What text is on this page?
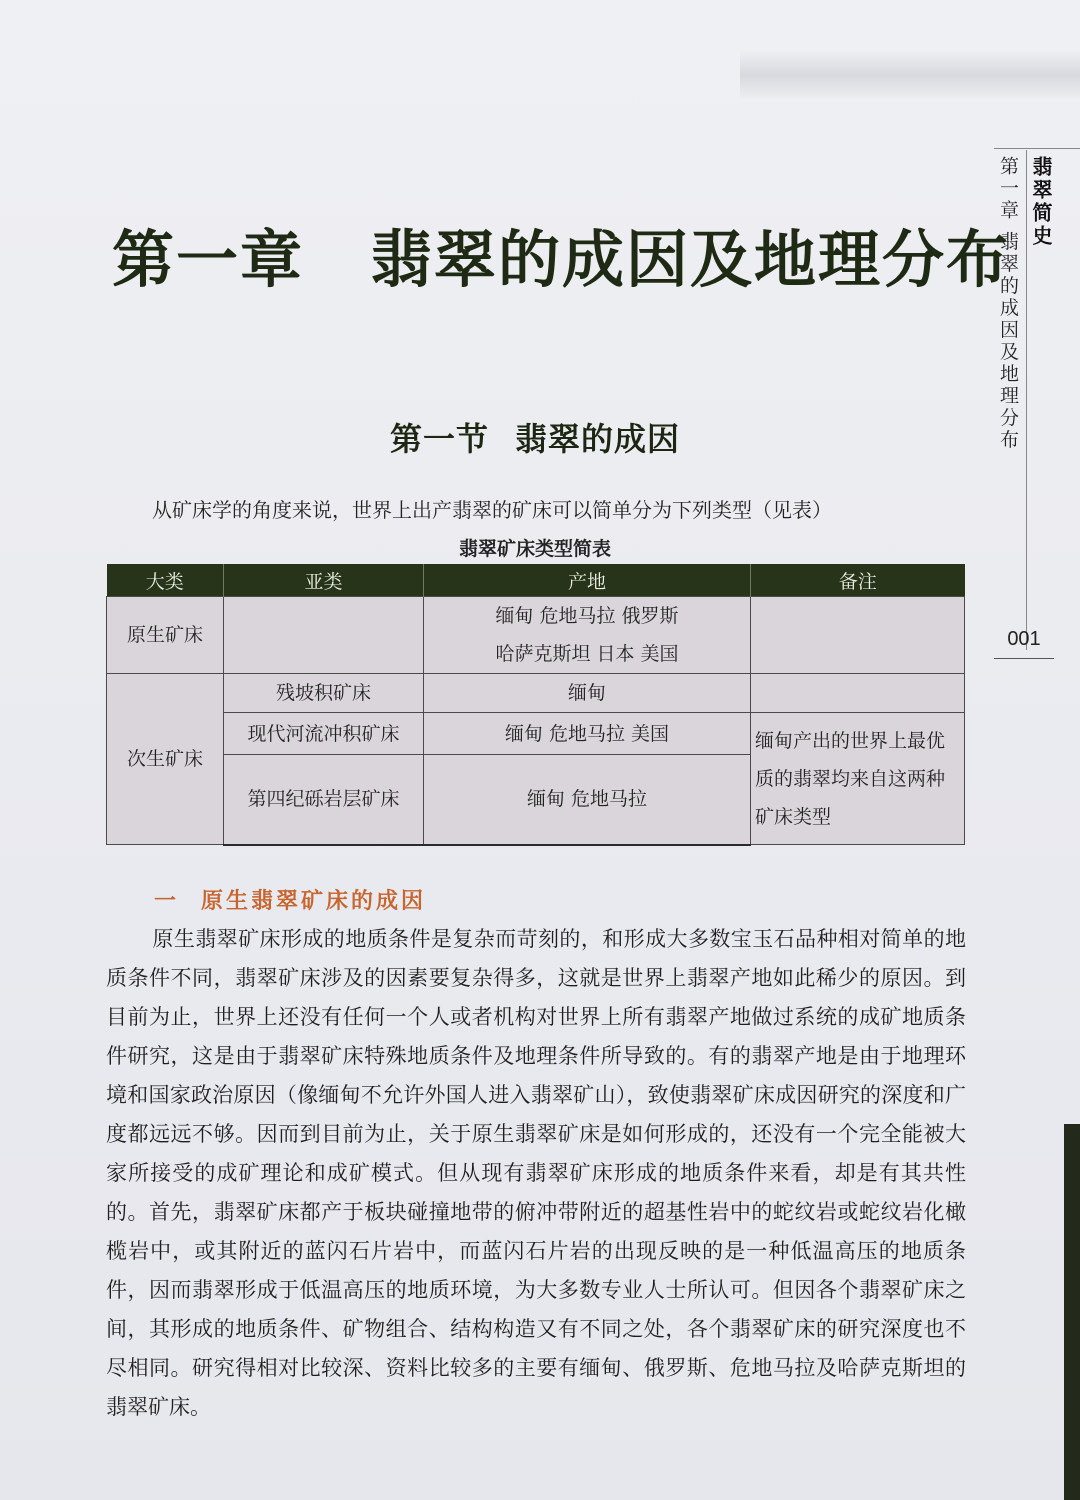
第一章 翡翠的成因及地理分布
第一节 翡翠的成因
从矿床学的角度来说，世界上出产翡翠的矿床可以简单分为下列类型（见表）
翡翠矿床类型简表
大类	亚类	产地	备注
原生矿床		缅甸 危地马拉 俄罗斯
哈萨克斯坦 日本 美国	

次生矿床	残坡积矿床	缅甸	
	现代河流冲积矿床	缅甸 危地马拉 美国	缅甸产出的世界上最优
质的翡翠均来自这两种
矿床类型

	第四纪砾岩层矿床	缅甸 危地马拉	
一 原生翡翠矿床的成因

原生翡翠矿床形成的地质条件是复杂而苛刻的，和形成大多数宝玉石品种相对简单的地质条件不同，翡翠矿床涉及的因素要复杂得多，这就是世界上翡翠产地如此稀少的原因。到目前为止，世界上还没有任何一个人或者机构对世界上所有翡翠产地做过系统的成矿地质条件研究，这是由于翡翠矿床特殊地质条件及地理条件所导致的。有的翡翠产地是由于地理环境和国家政治原因（像缅甸不允许外国人进入翡翠矿山），致使翡翠矿床成因研究的深度和广度都远远不够。因而到目前为止，关于原生翡翠矿床是如何形成的，还没有一个完全能被大家所接受的成矿理论和成矿模式。但从现有翡翠矿床形成的地质条件来看，却是有其共性的。首先，翡翠矿床都产于板块碰撞地带的俯冲带附近的超基性岩中的蛇纹岩或蛇纹岩化橄榄岩中，或其附近的蓝闪石片岩中，而蓝闪石片岩的出现反映的是一种低温高压的地质条件，因而翡翠形成于低温高压的地质环境，为大多数专业人士所认可。但因各个翡翠矿床之间，其形成的地质条件、矿物组合、结构构造又有不同之处，各个翡翠矿床的研究深度也不尽相同。研究得相对比较深、资料比较多的主要有缅甸、俄罗斯、危地马拉及哈萨克斯坦的翡翠矿床。

翡翠简史
第一章 翡翠的成因及地理分布
001
